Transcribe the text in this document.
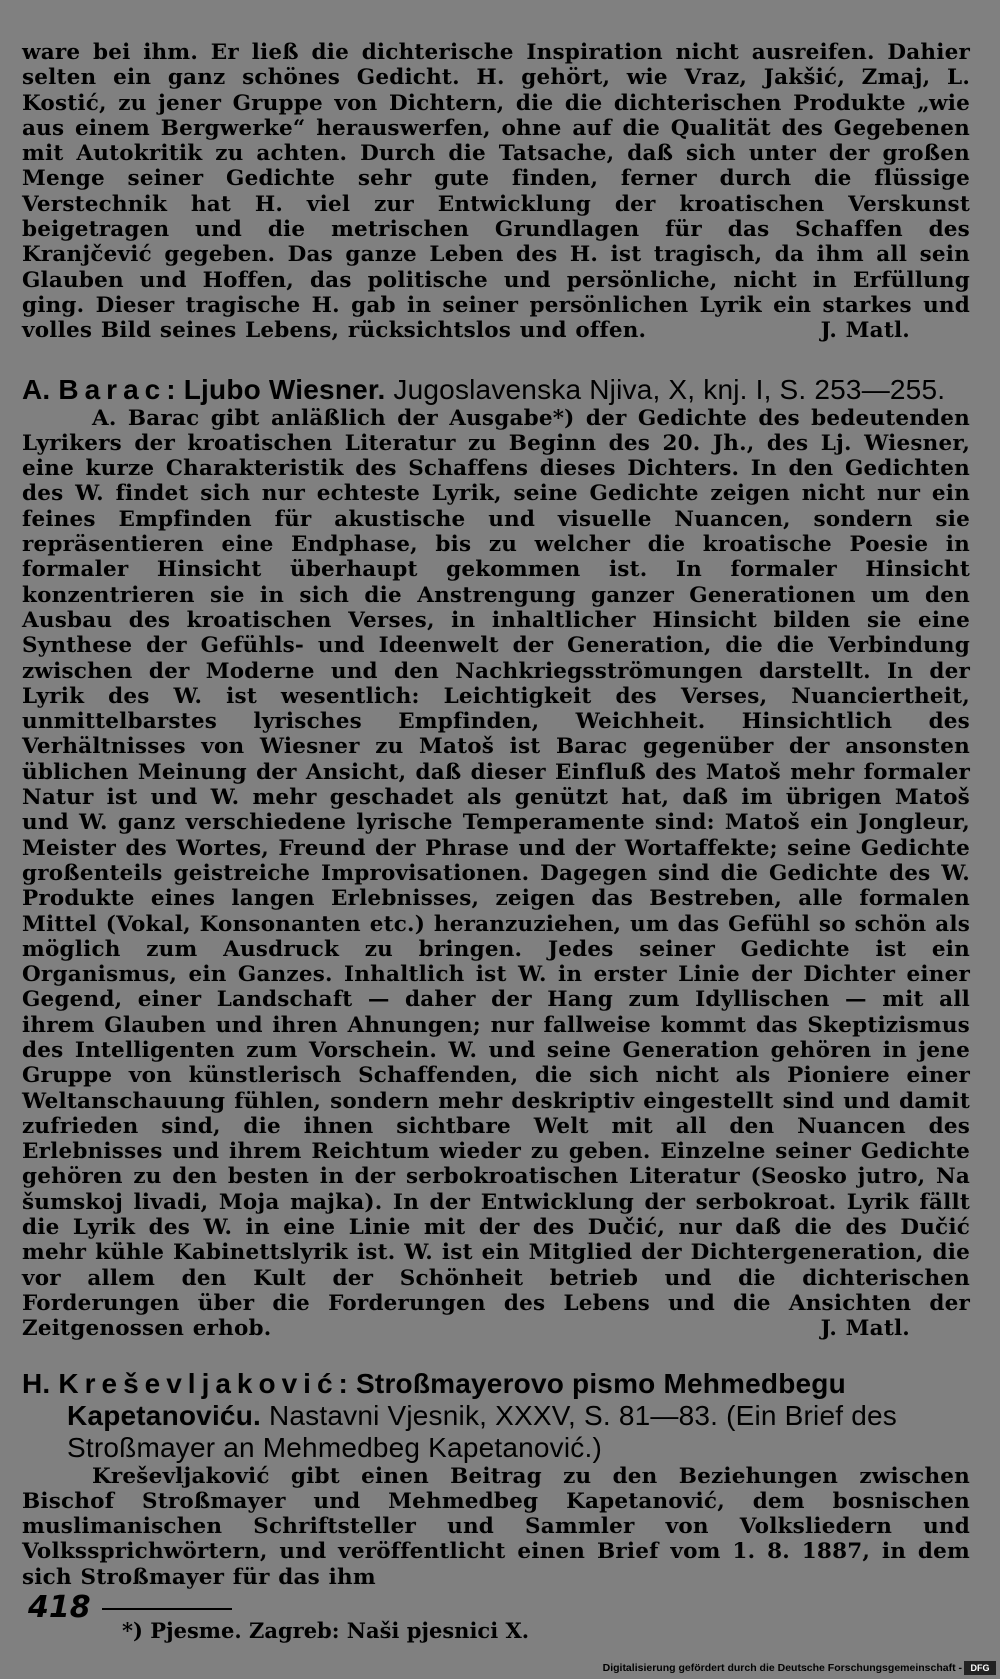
ware bei ihm. Er ließ die dichterische Inspiration nicht ausreifen. Dahier selten ein ganz schönes Gedicht. H. gehört, wie Vraz, Jakšić, Zmaj, L. Kostić, zu jener Gruppe von Dichtern, die die dichterischen Produkte „wie aus einem Bergwerke“ herauswerfen, ohne auf die Qualität des Gegebenen mit Autokritik zu achten. Durch die Tatsache, daß sich unter der großen Menge seiner Gedichte sehr gute finden, ferner durch die flüssige Verstechnik hat H. viel zur Entwicklung der kroatischen Verskunst beigetragen und die metrischen Grundlagen für das Schaffen des Kranjčević gegeben. Das ganze Leben des H. ist tragisch, da ihm all sein Glauben und Hoffen, das politische und persönliche, nicht in Erfüllung ging. Dieser tragische H. gab in seiner persönlichen Lyrik ein starkes und volles Bild seines Lebens, rücksichtslos und offen.	J. Matl.

A. Barac: Ljubo Wiesner. Jugoslavenska Njiva, X, knj. I, S. 253—255.

A. Barac gibt anläßlich der Ausgabe*) der Gedichte des bedeutenden Lyrikers der kroatischen Literatur zu Beginn des 20. Jh., des Lj. Wiesner, eine kurze Charakteristik des Schaffens dieses Dichters. In den Gedichten des W. findet sich nur echteste Lyrik, seine Gedichte zeigen nicht nur ein feines Empfinden für akustische und visuelle Nuancen, sondern sie repräsentieren eine Endphase, bis zu welcher die kroatische Poesie in formaler Hinsicht überhaupt gekommen ist. In formaler Hinsicht konzentrieren sie in sich die Anstrengung ganzer Generationen um den Ausbau des kroatischen Verses, in inhaltlicher Hinsicht bilden sie eine Synthese der Gefühls- und Ideenwelt der Generation, die die Verbindung zwischen der Moderne und den Nachkriegsströmungen darstellt. In der Lyrik des W. ist wesentlich: Leichtigkeit des Verses, Nuanciertheit, unmittelbarstes lyrisches Empfinden, Weichheit. Hinsichtlich des Verhältnisses von Wiesner zu Matoš ist Barac gegenüber der ansonsten üblichen Meinung der Ansicht, daß dieser Einfluß des Matoš mehr formaler Natur ist und W. mehr geschadet als genützt hat, daß im übrigen Matoš und W. ganz verschiedene lyrische Temperamente sind: Matoš ein Jongleur, Meister des Wortes, Freund der Phrase und der Wortaffekte; seine Gedichte großenteils geistreiche Improvisationen. Dagegen sind die Gedichte des W. Produkte eines langen Erlebnisses, zeigen das Bestreben, alle formalen Mittel (Vokal, Konsonanten etc.) heranzuziehen, um das Gefühl so schön als möglich zum Ausdruck zu bringen. Jedes seiner Gedichte ist ein Organismus, ein Ganzes. Inhaltlich ist W. in erster Linie der Dichter einer Gegend, einer Landschaft — daher der Hang zum Idyllischen — mit all ihrem Glauben und ihren Ahnungen; nur fallweise kommt das Skeptizismus des Intelligenten zum Vorschein. W. und seine Generation gehören in jene Gruppe von künstlerisch Schaffenden, die sich nicht als Pioniere einer Weltanschauung fühlen, sondern mehr deskriptiv eingestellt sind und damit zufrieden sind, die ihnen sichtbare Welt mit all den Nuancen des Erlebnisses und ihrem Reichtum wieder zu geben. Einzelne seiner Gedichte gehören zu den besten in der serbokroatischen Literatur (Seosko jutro, Na šumskoj livadi, Moja majka). In der Entwicklung der serbokroat. Lyrik fällt die Lyrik des W. in eine Linie mit der des Dučić, nur daß die des Dučić mehr kühle Kabinettslyrik ist. W. ist ein Mitglied der Dichtergeneration, die vor allem den Kult der Schönheit betrieb und die dichterischen Forderungen über die Forderungen des Lebens und die Ansichten der Zeitgenossen erhob.	J. Matl.

H. Kreševljaković: Stroßmayerovo pismo Mehmedbegu Kapetanoviću. Nastavni Vjesnik, XXXV, S. 81—83. (Ein Brief des Stroßmayer an Mehmedbeg Kapetanović.)

Kreševljaković gibt einen Beitrag zu den Beziehungen zwischen Bischof Stroßmayer und Mehmedbeg Kapetanović, dem bosnischen muslimanischen Schriftsteller und Sammler von Volksliedern und Volkssprichwörtern, und veröffentlicht einen Brief vom 1. 8. 1887, in dem sich Stroßmayer für das ihm

*) Pjesme. Zagreb: Naši pjesnici X.

418
Digitalisierung gefördert durch die Deutsche Forschungsgemeinschaft - DFG
